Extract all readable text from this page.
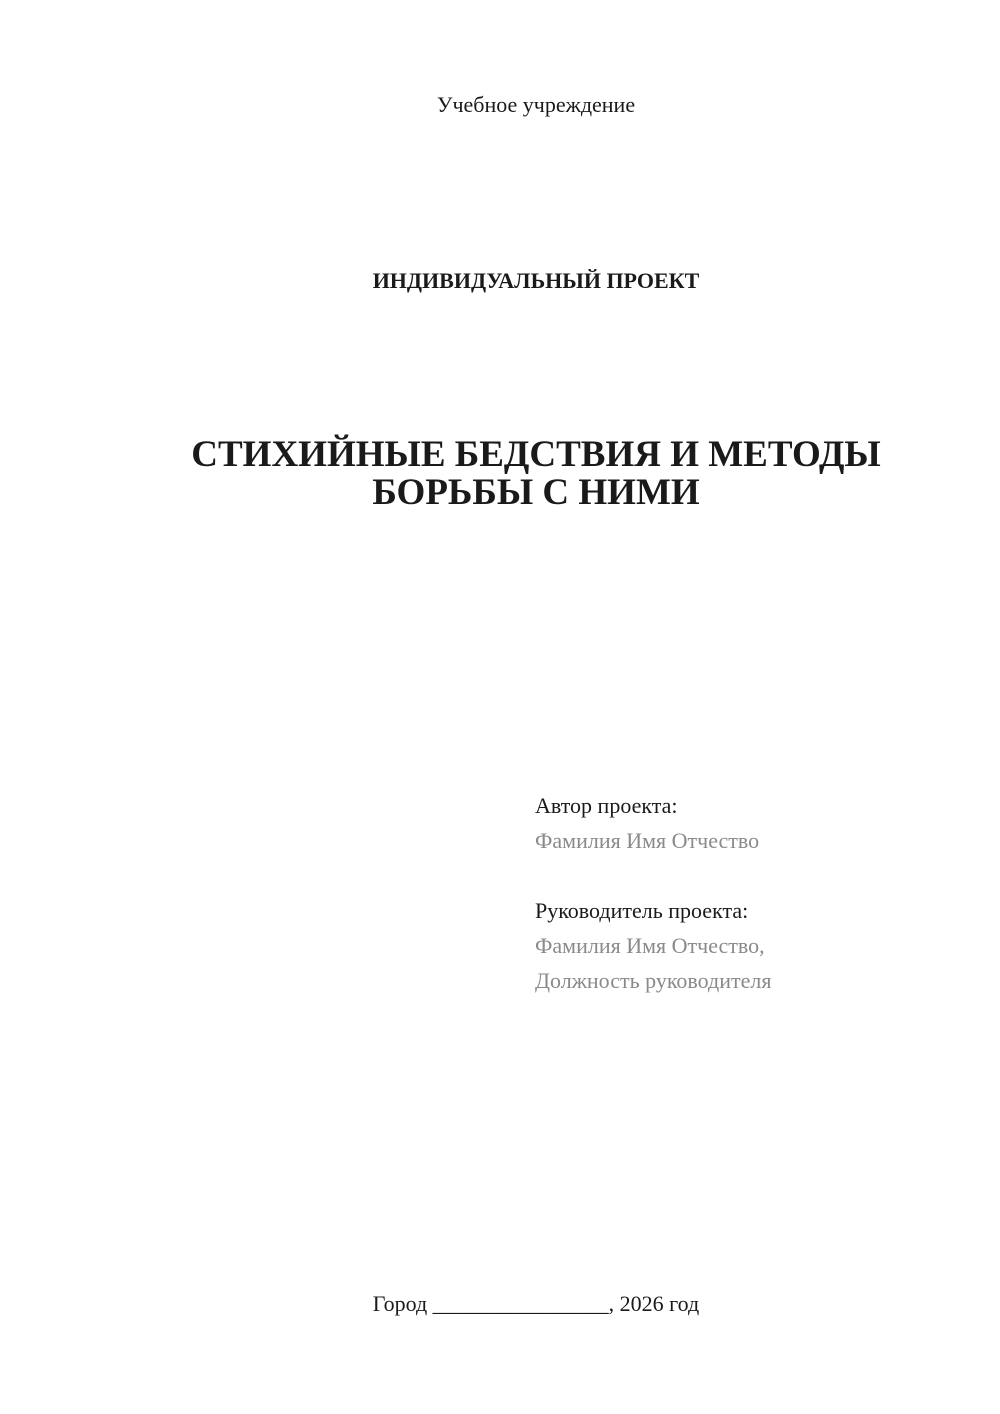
Учебное учреждение
ИНДИВИДУАЛЬНЫЙ ПРОЕКТ
СТИХИЙНЫЕ БЕДСТВИЯ И МЕТОДЫ
БОРЬБЫ С НИМИ
Автор проекта:
Фамилия Имя Отчество
Руководитель проекта:
Фамилия Имя Отчество,
Должность руководителя
Город ________________, 2026 год
